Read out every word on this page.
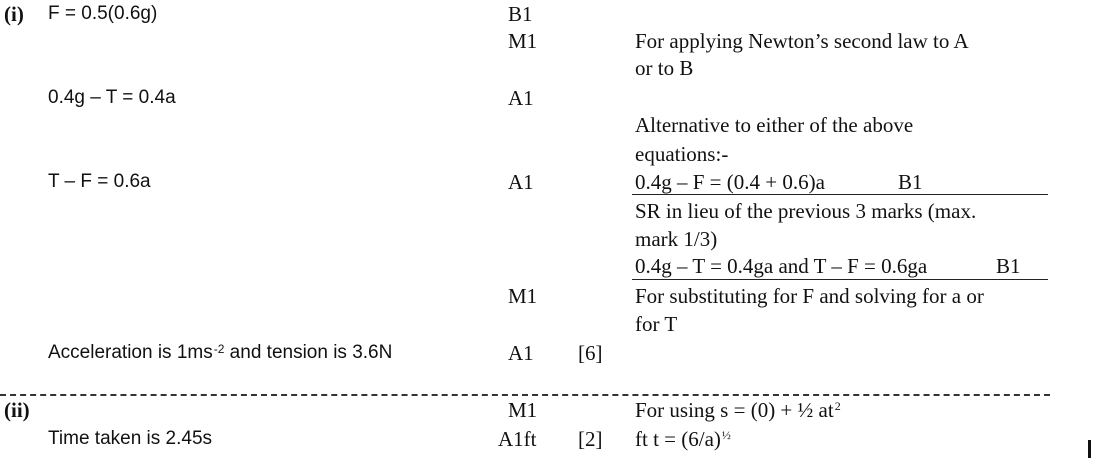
(i) F = 0.5(0.6g)
0.4g – T = 0.4a
T – F = 0.6a
Acceleration is $1ms^{-2}$ and tension is 3.6N
B1
M1
A1
A1
M1
A1 [6]
For applying Newton’s second law to A
or to B
Alternative to either of the above
equations:-
0.4g – F = (0.4 + 0.6)a	B1
SR in lieu of the previous 3 marks (max.
mark 1/3)
0.4g – T = 0.4ga and T – F = 0.6ga	B1
For substituting for F and solving for a or
for T
(ii)
Time taken is 2.45s
M1
A1ft [2]
For using s = (0) + ½ $at^2$
ft $t = (6/a)^{\frac{1}{2}}$
